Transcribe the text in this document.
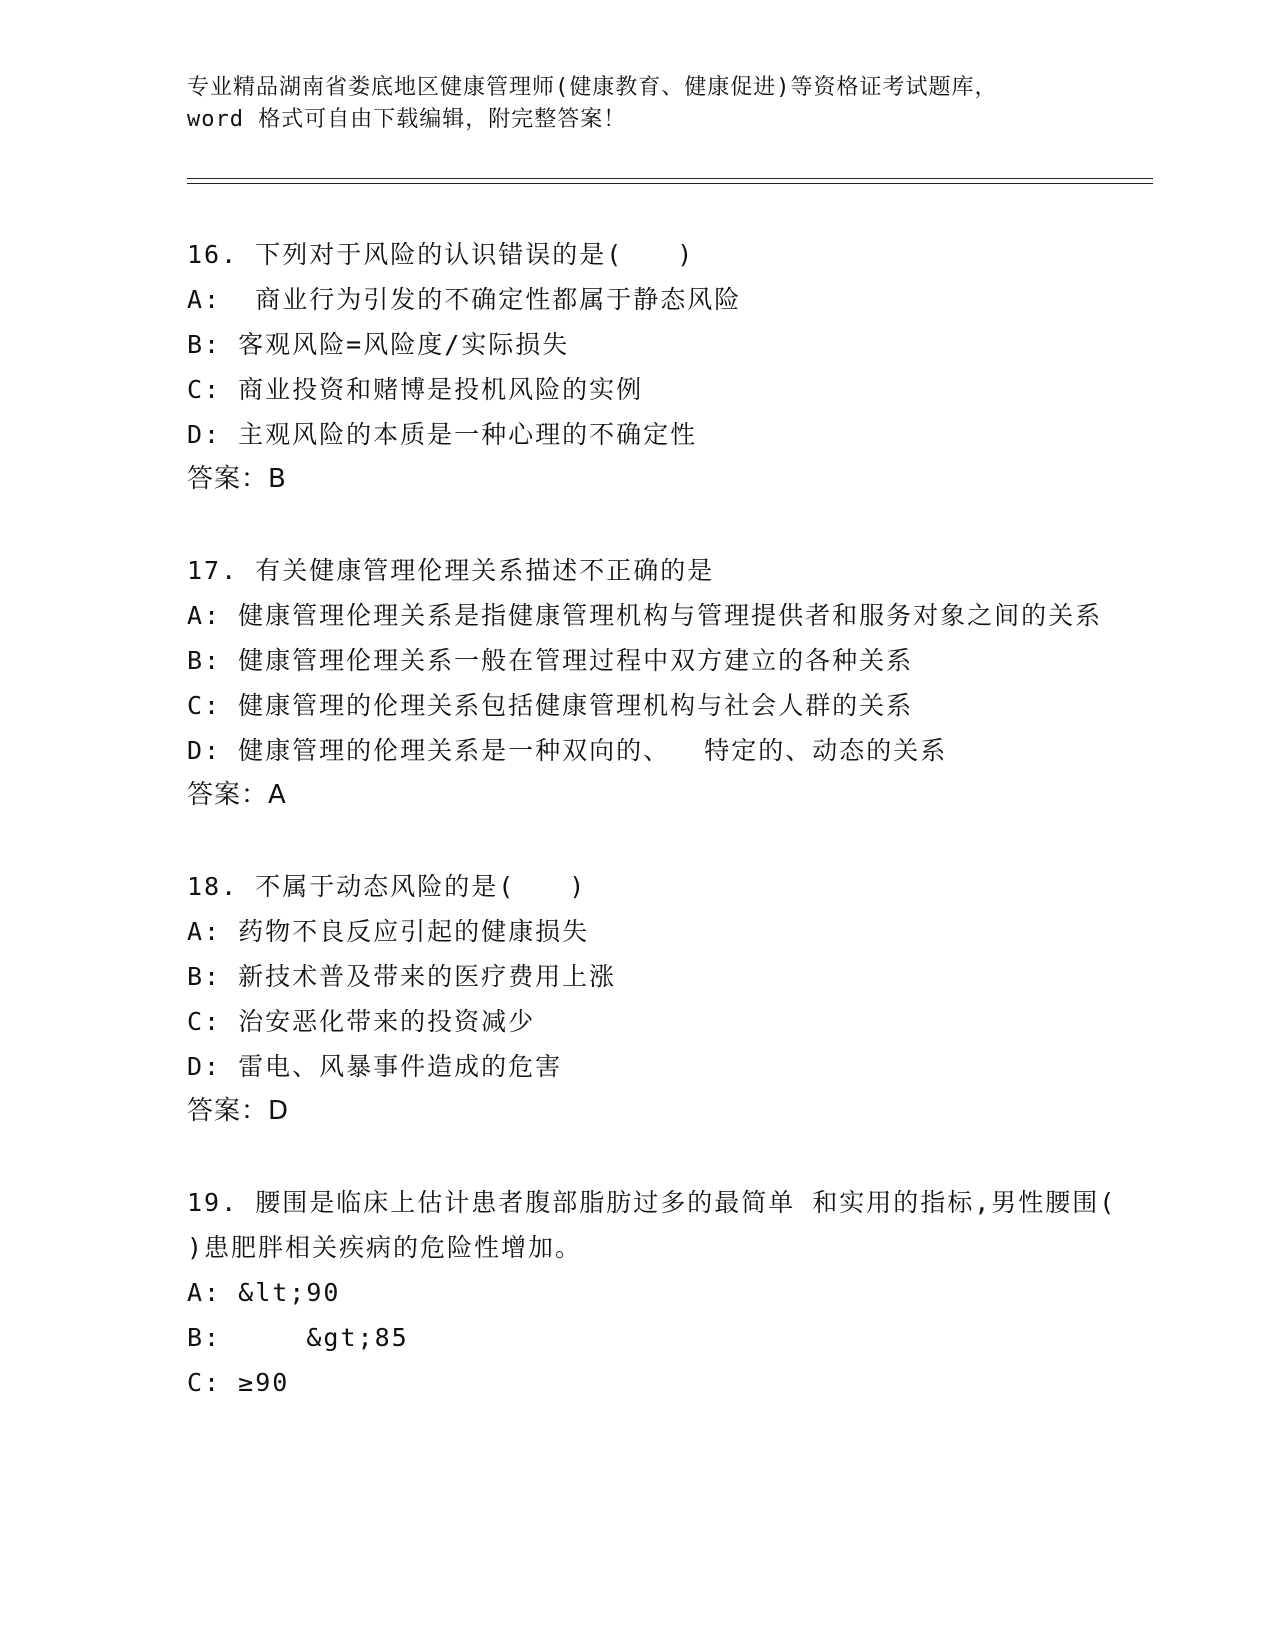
专业精品湖南省娄底地区健康管理师(健康教育、健康促进)等资格证考试题库，
word 格式可自由下载编辑，附完整答案！
16. 下列对于风险的认识错误的是(　　)
A:  商业行为引发的不确定性都属于静态风险
B: 客观风险=风险度/实际损失
C: 商业投资和赌博是投机风险的实例
D: 主观风险的本质是一种心理的不确定性
答案：B
17. 有关健康管理伦理关系描述不正确的是
A: 健康管理伦理关系是指健康管理机构与管理提供者和服务对象之间的关系
B: 健康管理伦理关系一般在管理过程中双方建立的各种关系
C: 健康管理的伦理关系包括健康管理机构与社会人群的关系
D: 健康管理的伦理关系是一种双向的、  特定的、动态的关系
答案：A
18. 不属于动态风险的是(　　)
A: 药物不良反应引起的健康损失
B: 新技术普及带来的医疗费用上涨
C: 治安恶化带来的投资减少
D: 雷电、风暴事件造成的危害
答案：D
19. 腰围是临床上估计患者腹部脂肪过多的最简单 和实用的指标,男性腰围(  )患肥胖相关疾病的危险性增加。
A: &lt;90
B:     &gt;85
C: ≥90
